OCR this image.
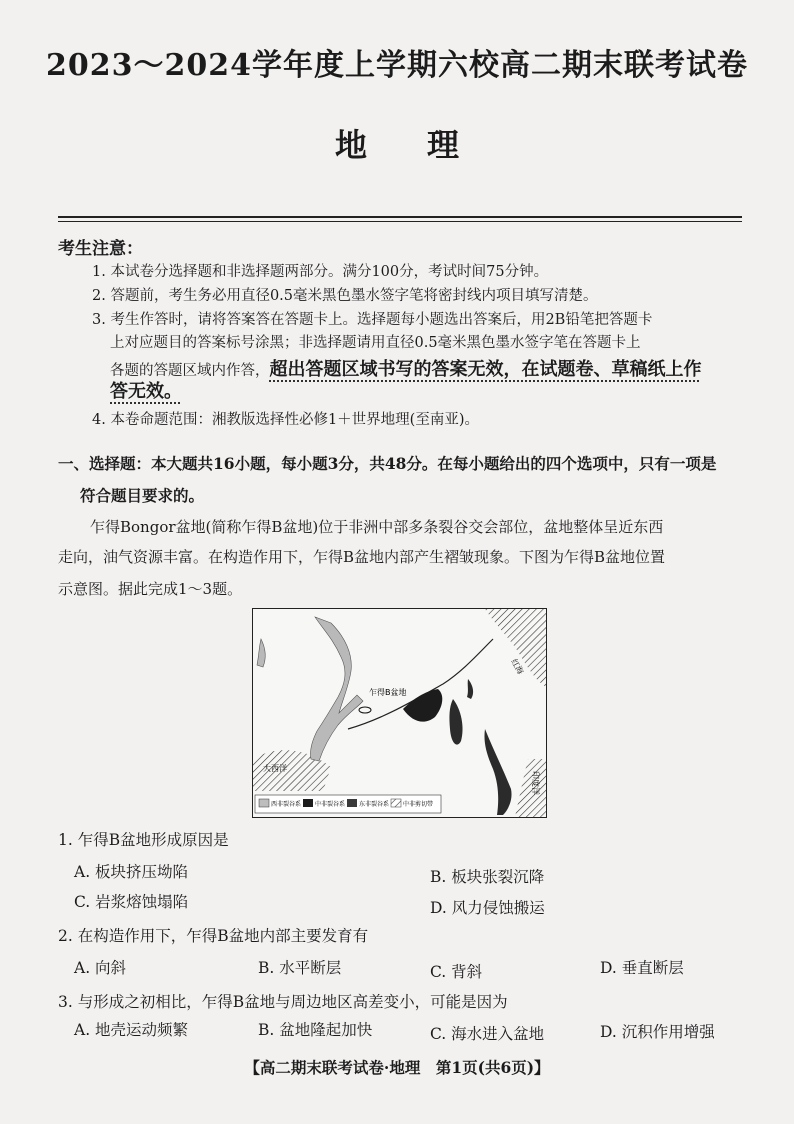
2023～2024学年度上学期六校高二期末联考试卷
地理
考生注意：
1. 本试卷分选择题和非选择题两部分。满分100分，考试时间75分钟。
2. 答题前，考生务必用直径0.5毫米黑色墨水签字笔将密封线内项目填写清楚。
3. 考生作答时，请将答案答在答题卡上。选择题每小题选出答案后，用2B铅笔把答题卡
上对应题目的答案标号涂黑；非选择题请用直径0.5毫米黑色墨水签字笔在答题卡上
各题的答题区域内作答，超出答题区域书写的答案无效，在试题卷、草稿纸上作
答无效。
4. 本卷命题范围：湘教版选择性必修1＋世界地理(至南亚)。
一、选择题：本大题共16小题，每小题3分，共48分。在每小题给出的四个选项中，只有一项是
符合题目要求的。
乍得Bongor盆地(简称乍得B盆地)位于非洲中部多条裂谷交会部位，盆地整体呈近东西
走向，油气资源丰富。在构造作用下，乍得B盆地内部产生褶皱现象。下图为乍得B盆地位置
示意图。据此完成1～3题。
乍得B盆地
大西洋
红海
印度洋
西非裂谷系 中非裂谷系 东非裂谷系 中非剪切带
1. 乍得B盆地形成原因是
A. 板块挤压坳陷	B. 板块张裂沉降
C. 岩浆熔蚀塌陷	D. 风力侵蚀搬运
2. 在构造作用下，乍得B盆地内部主要发育有
A. 向斜	B. 水平断层	C. 背斜	D. 垂直断层
3. 与形成之初相比，乍得B盆地与周边地区高差变小，可能是因为
A. 地壳运动频繁	B. 盆地隆起加快	C. 海水进入盆地	D. 沉积作用增强
【高二期末联考试卷·地理　第1页(共6页)】
